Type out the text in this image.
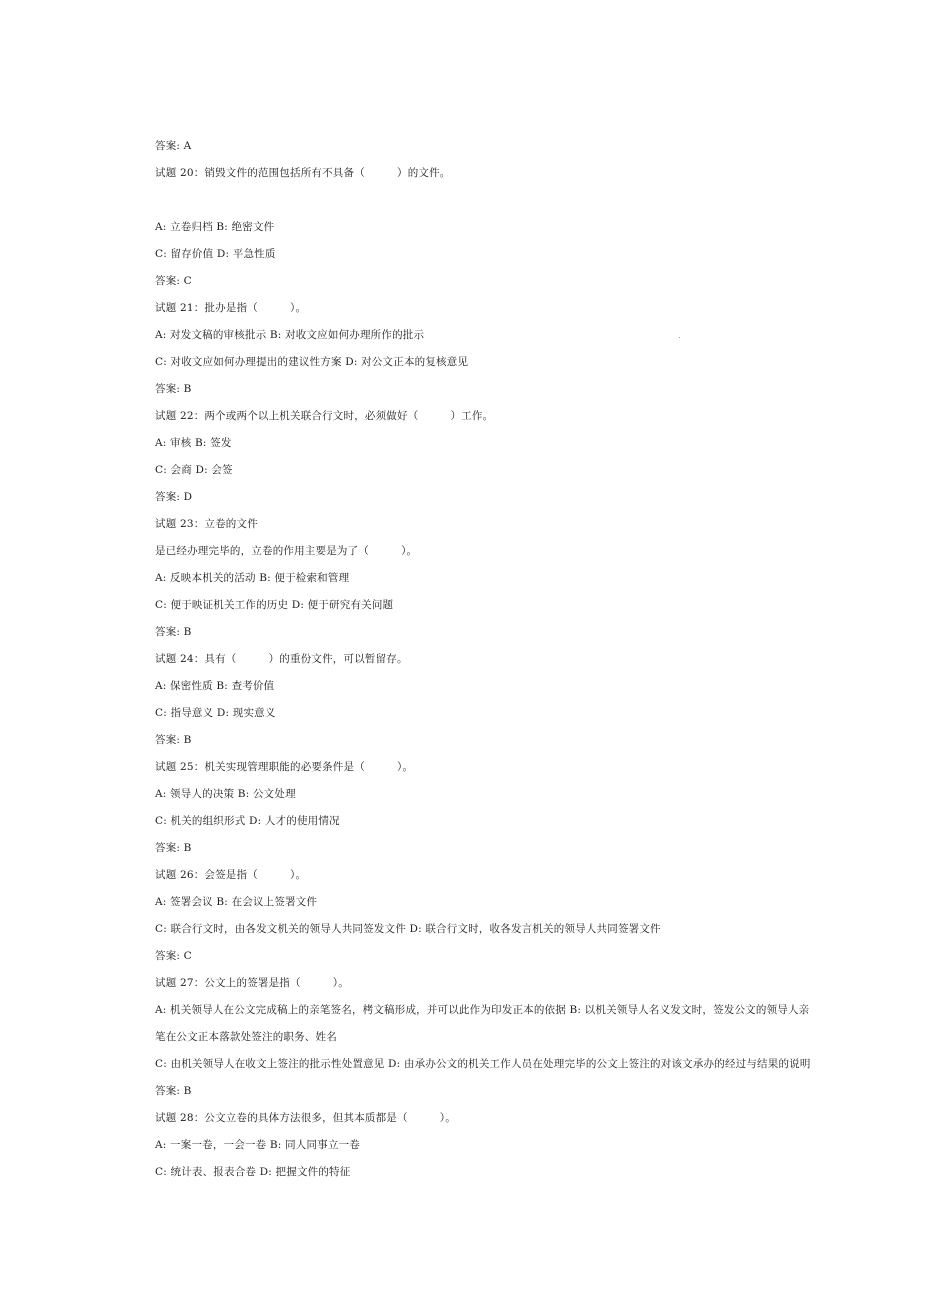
答案: A
试题 20：销毁文件的范围包括所有不具备（　　　）的文件。
A: 立卷归档 B: 绝密文件
C: 留存价值 D: 平急性质
答案: C
试题 21：批办是指（　　　）。
A: 对发文稿的审核批示 B: 对收文应如何办理所作的批示
C: 对收文应如何办理提出的建议性方案 D: 对公文正本的复核意见
答案: B
试题 22：两个或两个以上机关联合行文时，必须做好（　　　）工作。
A: 审核 B: 签发
C: 会商 D: 会签
答案: D
试题 23：立卷的文件
是已经办理完毕的，立卷的作用主要是为了（　　　）。
A: 反映本机关的活动 B: 便于检索和管理
C: 便于映证机关工作的历史 D: 便于研究有关问题
答案: B
试题 24：具有（　　　）的重份文件，可以暂留存。
A: 保密性质 B: 查考价值
C: 指导意义 D: 现实意义
答案: B
试题 25：机关实现管理职能的必要条件是（　　　）。
A: 领导人的决策 B: 公文处理
C: 机关的组织形式 D: 人才的使用情况
答案: B
试题 26：会签是指（　　　）。
A: 签署会议 B: 在会议上签署文件
C: 联合行文时，由各发文机关的领导人共同签发文件 D: 联合行文时，收各发言机关的领导人共同签署文件
答案: C
试题 27：公文上的签署是指（　　　）。
A: 机关领导人在公文完成稿上的亲笔签名，栲文稿形成，并可以此作为印发正本的依据 B: 以机关领导人名义发文时，签发公文的领导人亲笔在公文正本落款处签注的职务、姓名
C: 由机关领导人在收文上签注的批示性处置意见 D: 由承办公文的机关工作人员在处理完毕的公文上签注的对该文承办的经过与结果的说明
答案: B
试题 28：公文立卷的具体方法很多，但其本质都是（　　　）。
A: 一案一卷，一会一卷 B: 同人同事立一卷
C: 统计表、报表合卷 D: 把握文件的特征
